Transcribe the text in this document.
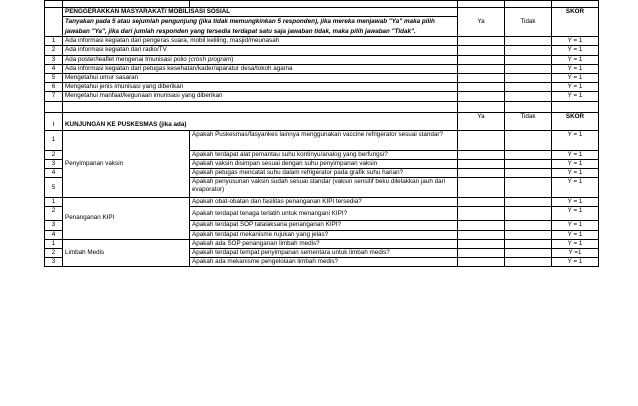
	PENGGERAKKAN MASYARAKAT/ MOBILISASI SOSIAL		Ya	Tidak	SKOR
	Tanyakan pada 5 atau sejumlah pengunjung (jika tidak memungkinkan 5 responden), jika mereka menjawab "Ya" maka pilih jawaban "Ya", jika dari jumlah responden yang tersedia terdapat satu saja jawaban tidak, maka pilih jawaban "Tidak".				
1	Ada informasi kegiatan dari pengeras suara, mobil keliling, masjid/meunasah				Y = 1
2	Ada informasi kegiatan dari radio/TV				Y = 1
3	Ada poster/leaflet mengenai Imunisasi polio (crosh program)				Y = 1
4	Ada informasi kegiatan dari petugas kesehatan/kader/aparatur desa/tokoh agama				Y = 1
5	Mengetahui umur sasaran				Y = 1
6	Mengetahui jenis imunisasi yang diberikan				Y = 1
7	Mengetahui manfaat/kegunaan imunisasi yang diberikan				Y = 1

I	KUNJUNGAN KE PUSKESMAS (jika ada)		Ya	Tidak	SKOR
1	Penyimpanan vaksin	Apakah Puskesmas/fasyankes lainnya menggunakan vaccine refrigerator sesuai standar?			Y = 1
2		Apakah terdapat alat pemantau suhu kontinyu/analog yang berfungsi?			Y = 1
3		Apakah vaksin disimpan sesuai dengan suhu penyimpanan vaksin			Y = 1
4		Apakah petugas mencatat suhu dalam refrigerator pada grafik suhu harian?			Y = 1
5		Apakah penyusunan vaksin sudah sesuai standar (vaksin sensitif beku diletakkan jauh dari evaporator)			Y = 1
1	Penanganan KIPI	Apakah obat-obatan dan fasilitas penanganan KIPI tersedia?			Y = 1
2		Apakah terdapat tenaga terlatih untuk menangani KIPI?			Y = 1
3		Apakah terdapat SOP tatalaksana penanganan KIPI?			Y = 1
4		Apakah terdapat mekanisme rujukan yang jelas?			Y = 1
1	Limbah Medis	Apakah ada SOP penanganan limbah medis?			Y = 1
2		Apakah terdapat tempat penyimpanan sementara untuk limbah medis?			Y =1
3		Apakah ada mekanisme pengelolaan limbah medis?			Y = 1
